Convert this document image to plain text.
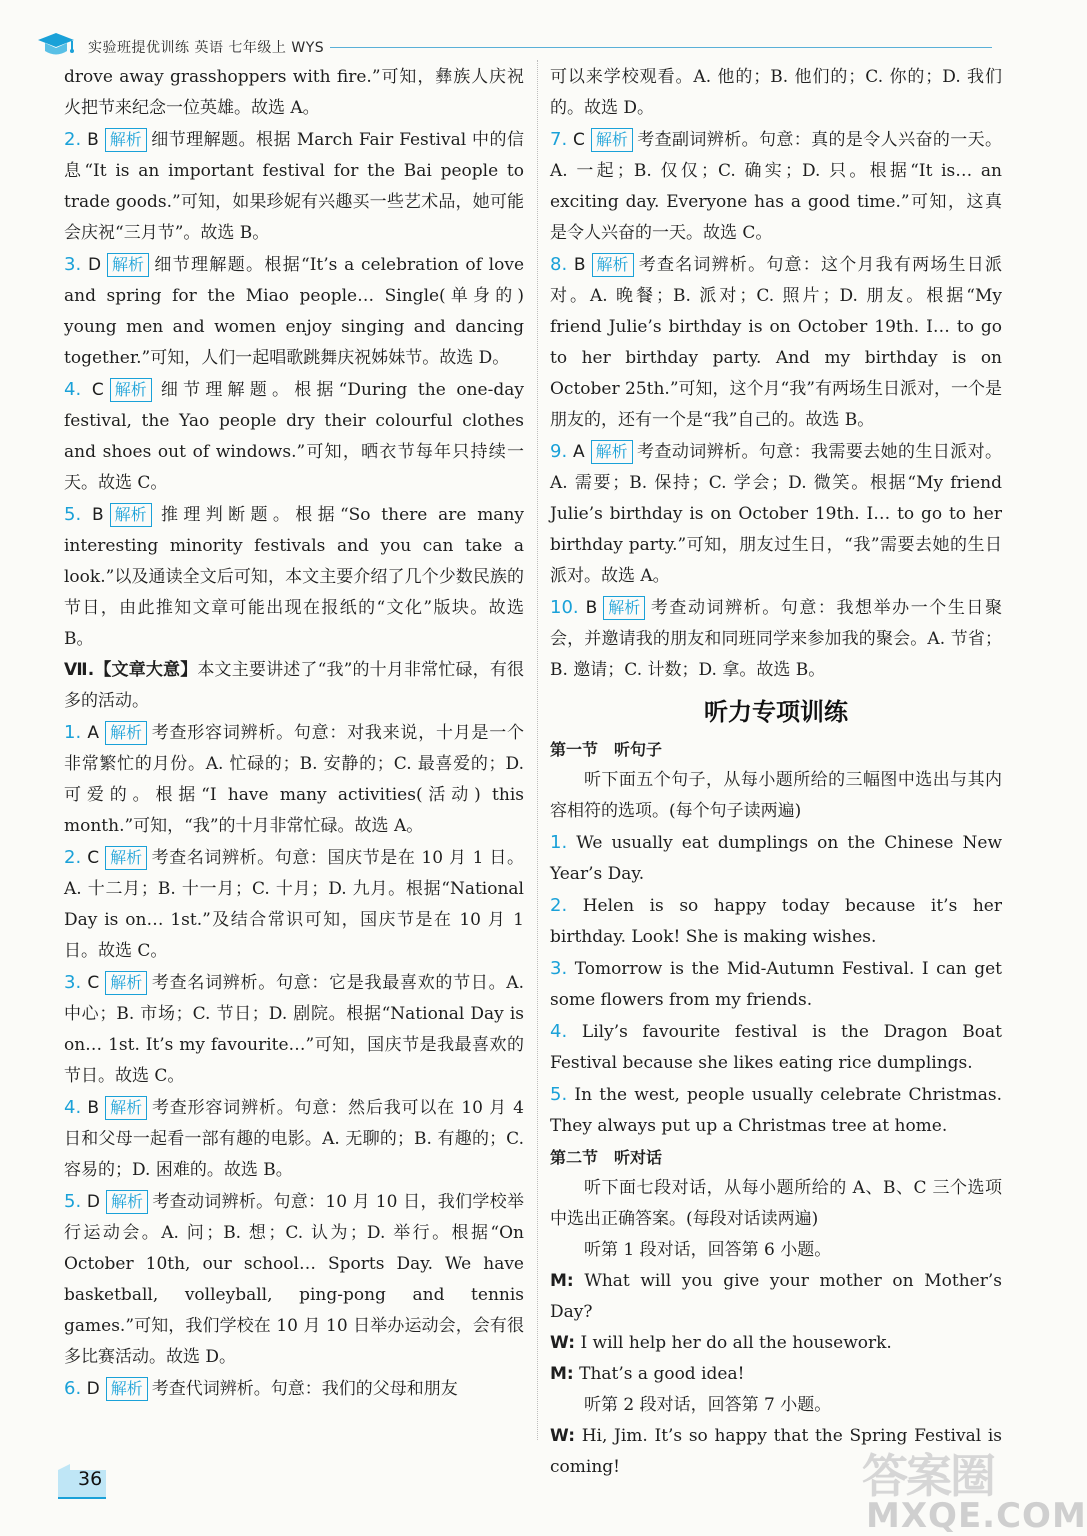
实验班提优训练 英语 七年级上 WYS

drove away grasshoppers with fire.”可知，彝族人庆祝火把节来纪念一位英雄。故选 A。

2. B 解析 细节理解题。根据 March Fair Festival 中的信息“It is an important festival for the Bai people to trade goods.”可知，如果珍妮有兴趣买一些艺术品，她可能会庆祝“三月节”。故选 B。

3. D 解析 细节理解题。根据“It’s a celebration of love and spring for the Miao people… Single(单身的) young men and women enjoy singing and dancing together.”可知，人们一起唱歌跳舞庆祝姊妹节。故选 D。

4. C 解析 细节理解题。根据“During the one-day festival, the Yao people dry their colourful clothes and shoes out of windows.”可知，晒衣节每年只持续一天。故选 C。

5. B 解析 推理判断题。根据“So there are many interesting minority festivals and you can take a look.”以及通读全文后可知，本文主要介绍了几个少数民族的节日，由此推知文章可能出现在报纸的“文化”版块。故选 B。

Ⅶ.【文章大意】本文主要讲述了“我”的十月非常忙碌，有很多的活动。

1. A 解析 考查形容词辨析。句意：对我来说，十月是一个非常繁忙的月份。A. 忙碌的；B. 安静的；C. 最喜爱的；D. 可爱的。根据“I have many activities(活动) this month.”可知，“我”的十月非常忙碌。故选 A。

2. C 解析 考查名词辨析。句意：国庆节是在 10 月 1 日。A. 十二月；B. 十一月；C. 十月；D. 九月。根据“National Day is on… 1st.”及结合常识可知，国庆节是在 10 月 1 日。故选 C。

3. C 解析 考查名词辨析。句意：它是我最喜欢的节日。A. 中心；B. 市场；C. 节日；D. 剧院。根据“National Day is on… 1st. It’s my favourite…”可知，国庆节是我最喜欢的节日。故选 C。

4. B 解析 考查形容词辨析。句意：然后我可以在 10 月 4 日和父母一起看一部有趣的电影。A. 无聊的；B. 有趣的；C. 容易的；D. 困难的。故选 B。

5. D 解析 考查动词辨析。句意：10 月 10 日，我们学校举行运动会。A. 问；B. 想；C. 认为；D. 举行。根据“On October 10th, our school… Sports Day. We have basketball, volleyball, ping-pong and tennis games.”可知，我们学校在 10 月 10 日举办运动会，会有很多比赛活动。故选 D。

6. D 解析 考查代词辨析。句意：我们的父母和朋友

可以来学校观看。A. 他的；B. 他们的；C. 你的；D. 我们的。故选 D。

7. C 解析 考查副词辨析。句意：真的是令人兴奋的一天。A. 一起；B. 仅仅；C. 确实；D. 只。根据“It is… an exciting day. Everyone has a good time.”可知，这真是令人兴奋的一天。故选 C。

8. B 解析 考查名词辨析。句意：这个月我有两场生日派对。A. 晚餐；B. 派对；C. 照片；D. 朋友。根据“My friend Julie’s birthday is on October 19th. I… to go to her birthday party. And my birthday is on October 25th.”可知，这个月“我”有两场生日派对，一个是朋友的，还有一个是“我”自己的。故选 B。

9. A 解析 考查动词辨析。句意：我需要去她的生日派对。A. 需要；B. 保持；C. 学会；D. 微笑。根据“My friend Julie’s birthday is on October 19th. I… to go to her birthday party.”可知，朋友过生日，“我”需要去她的生日派对。故选 A。

10. B 解析 考查动词辨析。句意：我想举办一个生日聚会，并邀请我的朋友和同班同学来参加我的聚会。A. 节省；B. 邀请；C. 计数；D. 拿。故选 B。

听力专项训练

第一节　听句子

听下面五个句子，从每小题所给的三幅图中选出与其内容相符的选项。(每个句子读两遍)

1. We usually eat dumplings on the Chinese New Year’s Day.

2. Helen is so happy today because it’s her birthday. Look! She is making wishes.

3. Tomorrow is the Mid-Autumn Festival. I can get some flowers from my friends.

4. Lily’s favourite festival is the Dragon Boat Festival because she likes eating rice dumplings.

5. In the west, people usually celebrate Christmas. They always put up a Christmas tree at home.

第二节　听对话

听下面七段对话，从每小题所给的 A、B、C 三个选项中选出正确答案。(每段对话读两遍)

听第 1 段对话，回答第 6 小题。

M: What will you give your mother on Mother’s Day?

W: I will help her do all the housework.

M: That’s a good idea!

听第 2 段对话，回答第 7 小题。

W: Hi, Jim. It’s so happy that the Spring Festival is coming!

36	答案圈
MXQE.COM
